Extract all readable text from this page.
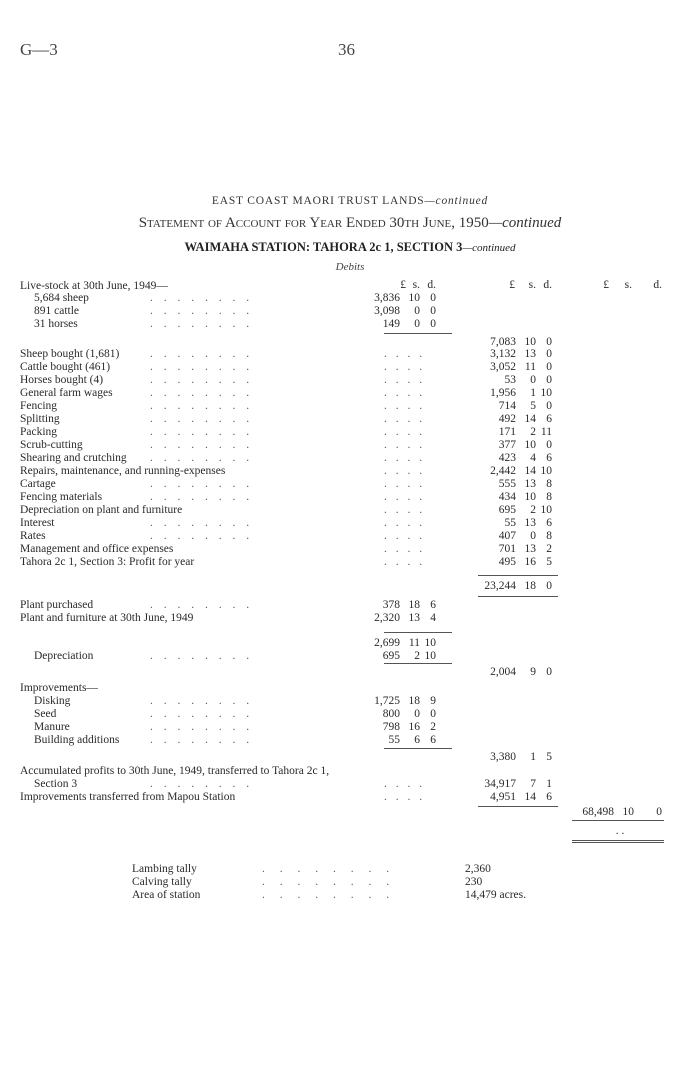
G—3	36
EAST COAST MAORI TRUST LANDS—continued
Statement of Account for Year Ended 30th June, 1950—continued
WAIMAHA STATION: TAHORA 2c 1, SECTION 3—continued
Debits
£ s. d.	£	s. d.	£	s. d.
Live-stock at 30th June, 1949—
5,684 sheep	. . . . . . . .	3,836 10 0
891 cattle	. . . . . . . .	3,098	0 0
31 horses	. . . . . . . .	149	0 0
7,083 10 0
Sheep bought (1,681)	. . . . . . . .	. . . .	3,132 13 0
Cattle bought (461)	. . . . . . . .	. . . .	3,052 11 0
Horses bought (4)	. . . . . . . .	. . . .	53	0 0
General farm wages	. . . . . . . .	. . . .	1,956	1 10
Fencing	. . . . . . . .	. . . .	714	5 0
Splitting	. . . . . . . .	. . . .	492 14 6
Packing	. . . . . . . .	. . . .	171	2 11
Scrub-cutting	. . . . . . . .	. . . .	377 10 0
Shearing and crutching . . . . . . . .	. . . .	423	4 6
Repairs, maintenance, and running-expenses	. . . .	2,442 14 10
Cartage	. . . . . . . .	. . . .	555 13 8
Fencing materials	. . . . . . . .	. . . .	434 10 8
Depreciation on plant and furniture	. . . .	695	2 10
Interest	. . . . . . . .	. . . .	55 13 6
Rates	. . . . . . . .	. . . .	407	0 8
Management and office expenses	. . . .	701 13 2
Tahora 2c 1, Section 3: Profit for year	. . . .	495 16 5
23,244 18 0
Plant purchased	. . . . . . . .	378 18 6
Plant and furniture at 30th June, 1949	2,320 13 4
2,699 11 10
Depreciation	. . . . . . . .	695	2 10
2,004	9 0
Improvements—
Disking	. . . . . . . .	1,725 18 9
Seed	. . . . . . . .	800	0 0
Manure	. . . . . . . .	798 16 2
Building additions	. . . . . . . .	55	6 6
3,380	1 5
Accumulated profits to 30th June, 1949, transferred to Tahora 2c 1,
Section 3	. . . . . . . .	. . . .	34,917	7 1
Improvements transferred from Mapou Station	. . . .	4,951 14 6
68,498 10	0
. .
Lambing tally	. . . . . . . .	2,360
Calving tally	. . . . . . . .	230
Area of station	. . . . . . . .	14,479 acres.
